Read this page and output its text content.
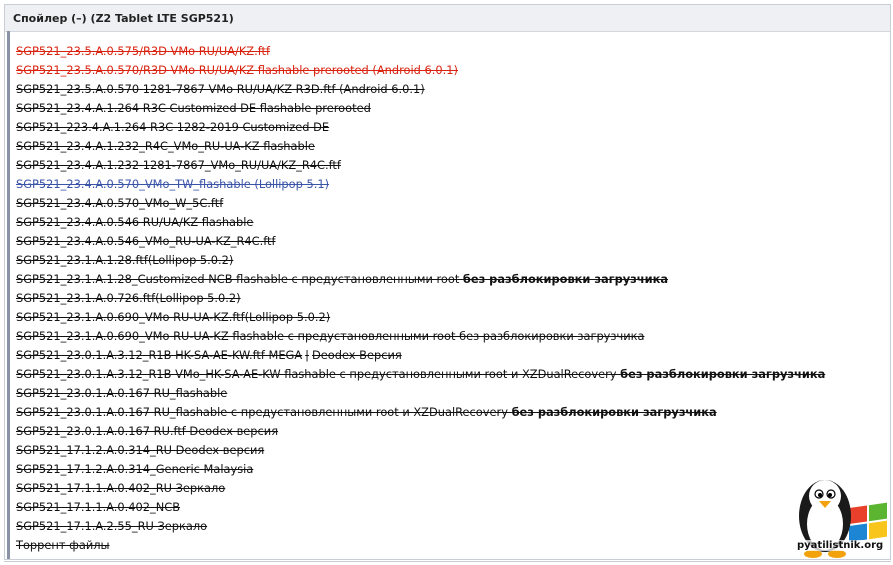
Спойлер (–) (Z2 Tablet LTE SGP521)
SGP521_23.5.A.0.575/R3D VMo RU/UA/KZ.ftf
SGP521_23.5.A.0.570/R3D VMo RU/UA/KZ flashable prerooted (Android 6.0.1)
SGP521_23.5.A.0.570 1281-7867 VMo RU/UA/KZ R3D.ftf (Android 6.0.1)
SGP521_23.4.A.1.264 R3C Customized DE flashable prerooted
SGP521_223.4.A.1.264 R3C 1282-2019 Customized DE
SGP521_23.4.A.1.232_R4C_VMo_RU-UA-KZ flashable
SGP521_23.4.A.1.232 1281-7867_VMo_RU/UA/KZ_R4C.ftf
SGP521_23.4.A.0.570_VMo_TW_flashable (Lollipop 5.1)
SGP521_23.4.A.0.570_VMo_W_5C.ftf
SGP521_23.4.A.0.546 RU/UA/KZ flashable
SGP521_23.4.A.0.546_VMo_RU-UA-KZ_R4C.ftf
SGP521_23.1.A.1.28.ftf(Lollipop 5.0.2)
SGP521_23.1.A.1.28_Customized NCB flashable с предустановленными root без разблокировки загрузчика
SGP521_23.1.A.0.726.ftf(Lollipop 5.0.2)
SGP521_23.1.A.0.690_VMo RU-UA-KZ.ftf(Lollipop 5.0.2)
SGP521_23.1.A.0.690_VMo RU-UA-KZ flashable с предустановленными root без разблокировки загрузчика
SGP521_23.0.1.A.3.12_R1B HK-SA-AE-KW.ftf MEGA | Deodex Версия
SGP521_23.0.1.A.3.12_R1B VMo_HK-SA-AE-KW flashable с предустановленными root и XZDualRecovery без разблокировки загрузчика
SGP521_23.0.1.A.0.167 RU_flashable
SGP521_23.0.1.A.0.167 RU_flashable с предустановленными root и XZDualRecovery без разблокировки загрузчика
SGP521_23.0.1.A.0.167 RU.ftf Deodex версия
SGP521_17.1.2.A.0.314_RU Deodex версия
SGP521_17.1.2.A.0.314_Generic Malaysia
SGP521_17.1.1.A.0.402_RU Зеркало
SGP521_17.1.1.A.0.402_NCB
SGP521_17.1.A.2.55_RU Зеркало
Торрент файлы	pyatilistnik.org
